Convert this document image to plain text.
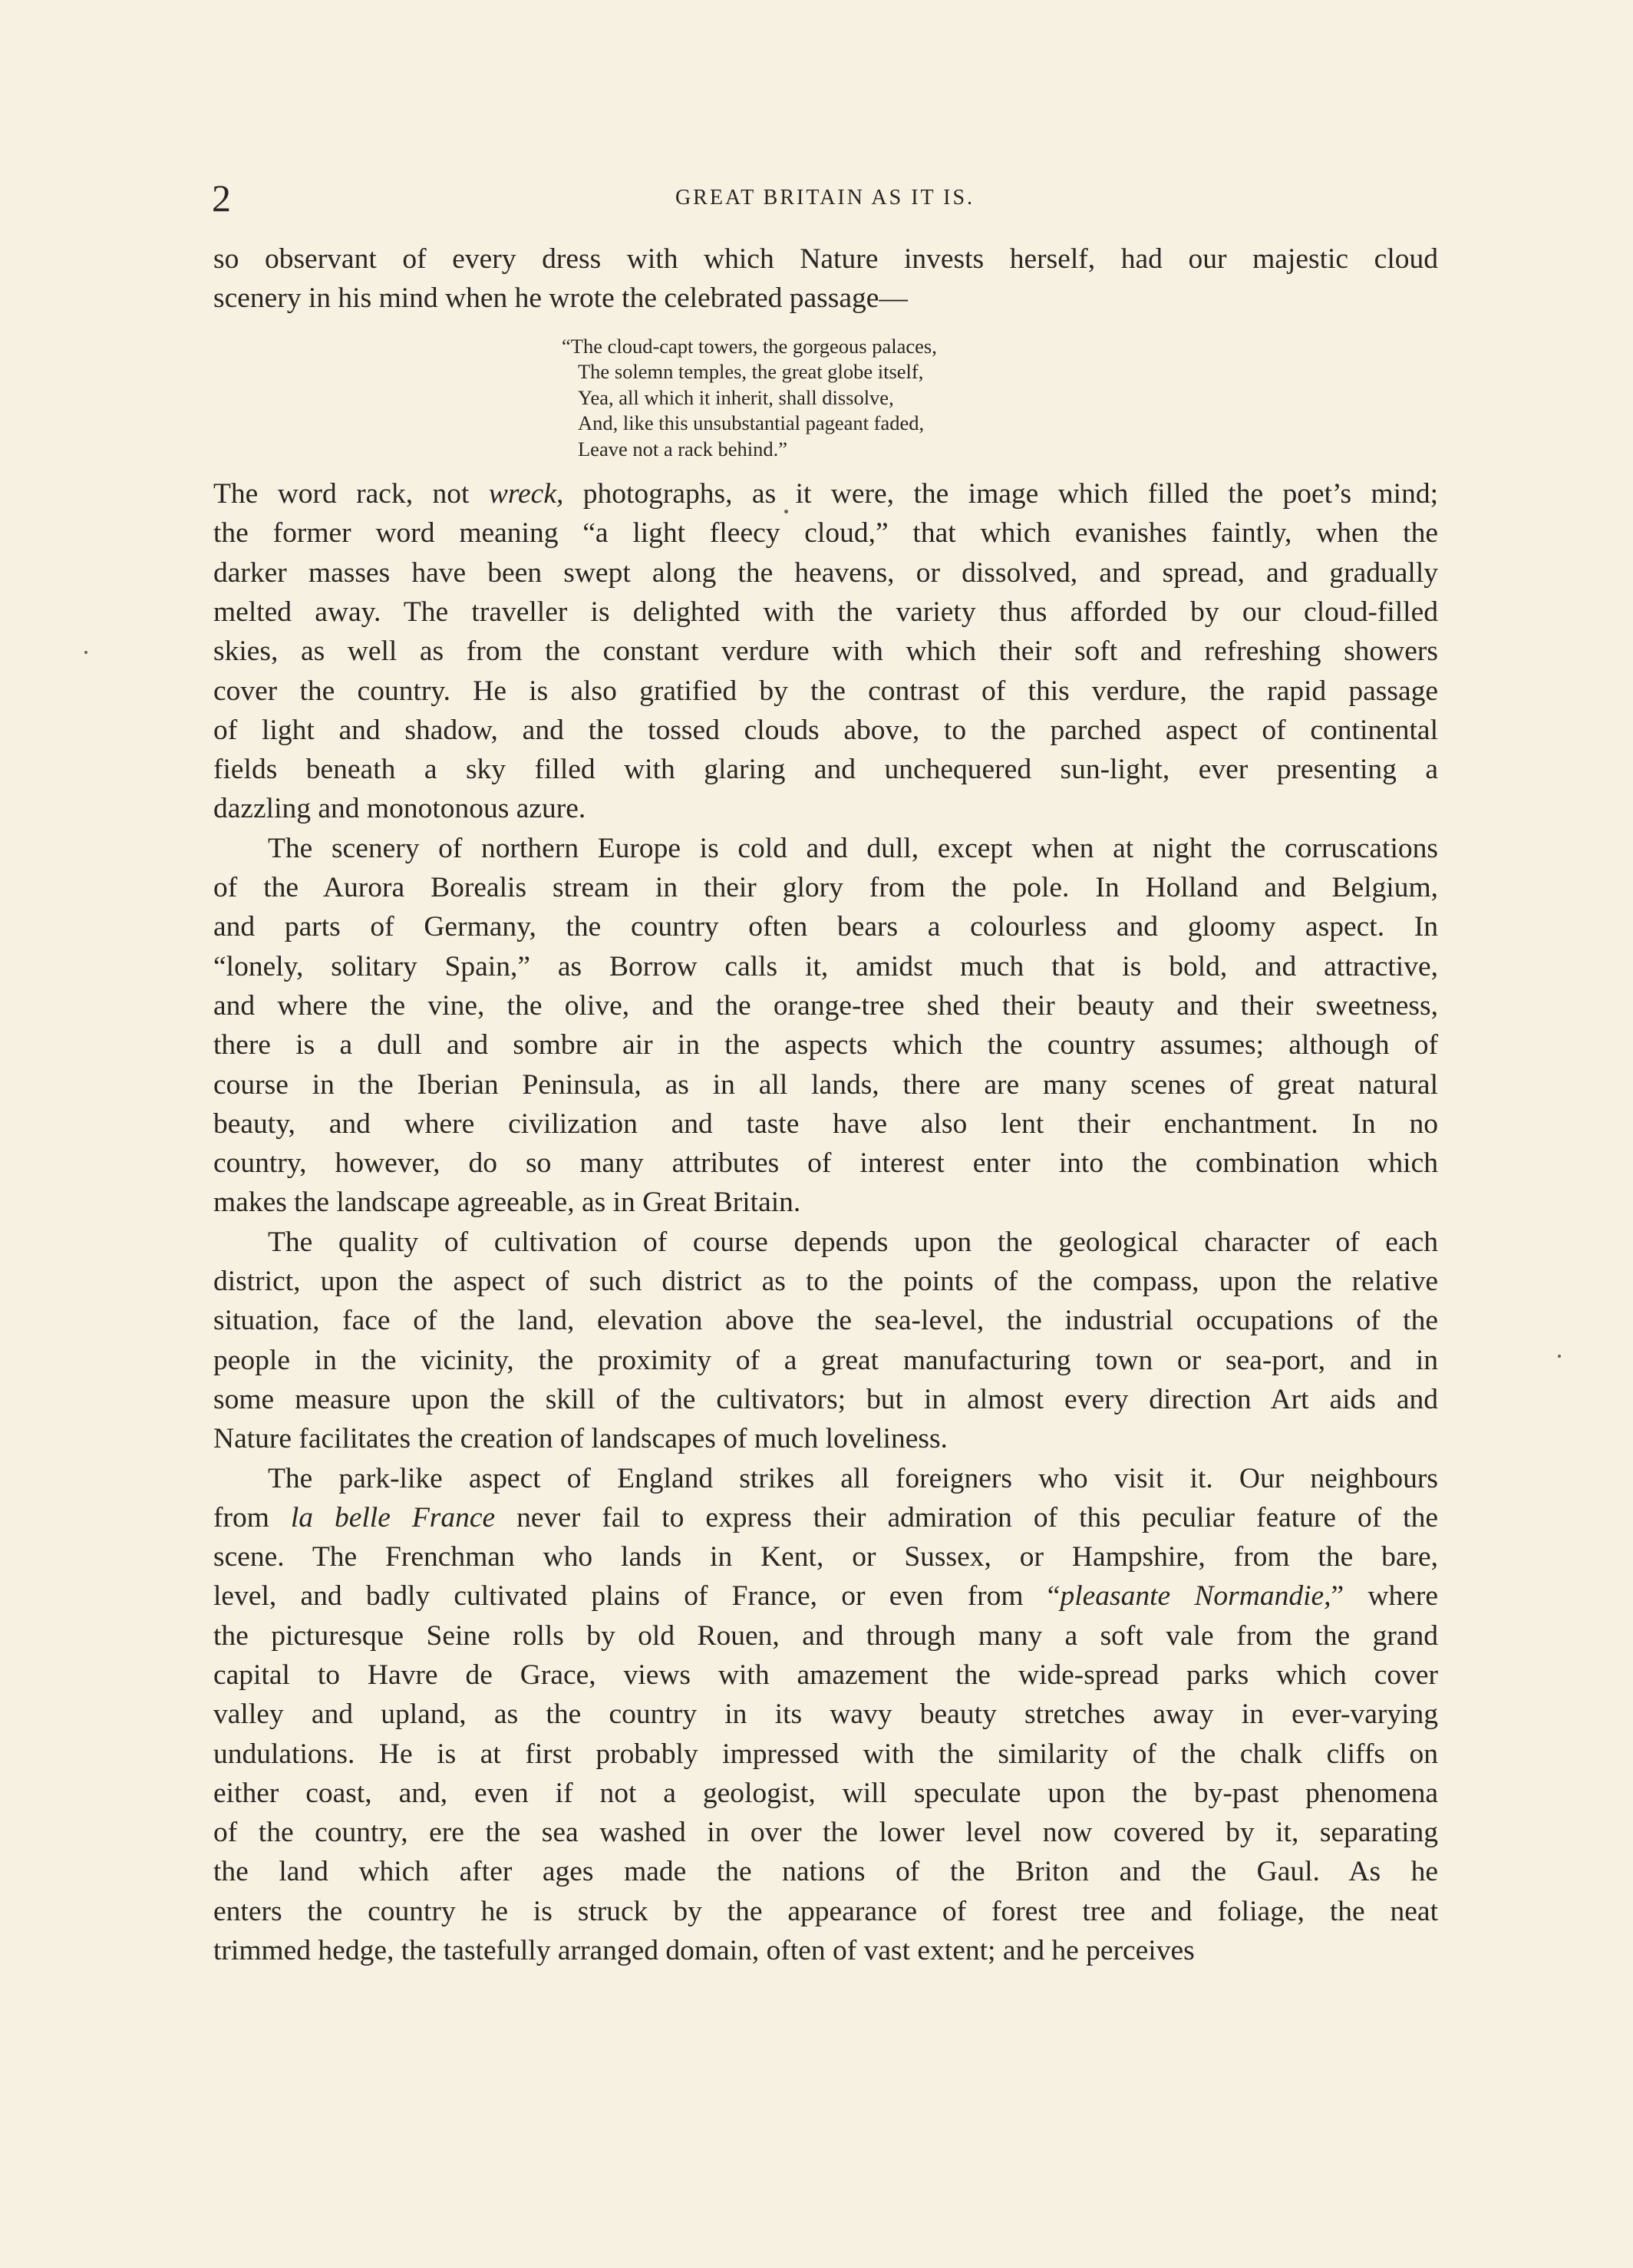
2	GREAT BRITAIN AS IT IS.
so observant of every dress with which Nature invests herself, had our majestic cloud
scenery in his mind when he wrote the celebrated passage—
“The cloud-capt towers, the gorgeous palaces,
The solemn temples, the great globe itself,
Yea, all which it inherit, shall dissolve,
And, like this unsubstantial pageant faded,
Leave not a rack behind.”
The word rack, not wreck, photographs, as it were, the image which filled the poet’s mind;
the former word meaning “a light fleecy cloud,” that which evanishes faintly, when the
darker masses have been swept along the heavens, or dissolved, and spread, and gradually
melted away. The traveller is delighted with the variety thus afforded by our cloud-filled
skies, as well as from the constant verdure with which their soft and refreshing showers
cover the country. He is also gratified by the contrast of this verdure, the rapid passage
of light and shadow, and the tossed clouds above, to the parched aspect of continental
fields beneath a sky filled with glaring and unchequered sun-light, ever presenting a
dazzling and monotonous azure.
The scenery of northern Europe is cold and dull, except when at night the corruscations
of the Aurora Borealis stream in their glory from the pole. In Holland and Belgium,
and parts of Germany, the country often bears a colourless and gloomy aspect. In
“lonely, solitary Spain,” as Borrow calls it, amidst much that is bold, and attractive,
and where the vine, the olive, and the orange-tree shed their beauty and their sweetness,
there is a dull and sombre air in the aspects which the country assumes; although of
course in the Iberian Peninsula, as in all lands, there are many scenes of great natural
beauty, and where civilization and taste have also lent their enchantment. In no
country, however, do so many attributes of interest enter into the combination which
makes the landscape agreeable, as in Great Britain.
The quality of cultivation of course depends upon the geological character of each
district, upon the aspect of such district as to the points of the compass, upon the relative
situation, face of the land, elevation above the sea-level, the industrial occupations of the
people in the vicinity, the proximity of a great manufacturing town or sea-port, and in
some measure upon the skill of the cultivators; but in almost every direction Art aids and
Nature facilitates the creation of landscapes of much loveliness.
The park-like aspect of England strikes all foreigners who visit it. Our neighbours
from la belle France never fail to express their admiration of this peculiar feature of the
scene. The Frenchman who lands in Kent, or Sussex, or Hampshire, from the bare,
level, and badly cultivated plains of France, or even from “pleasante Normandie,” where
the picturesque Seine rolls by old Rouen, and through many a soft vale from the grand
capital to Havre de Grace, views with amazement the wide-spread parks which cover
valley and upland, as the country in its wavy beauty stretches away in ever-varying
undulations. He is at first probably impressed with the similarity of the chalk cliffs on
either coast, and, even if not a geologist, will speculate upon the by-past phenomena
of the country, ere the sea washed in over the lower level now covered by it, separating
the land which after ages made the nations of the Briton and the Gaul. As he
enters the country he is struck by the appearance of forest tree and foliage, the neat
trimmed hedge, the tastefully arranged domain, often of vast extent; and he perceives
